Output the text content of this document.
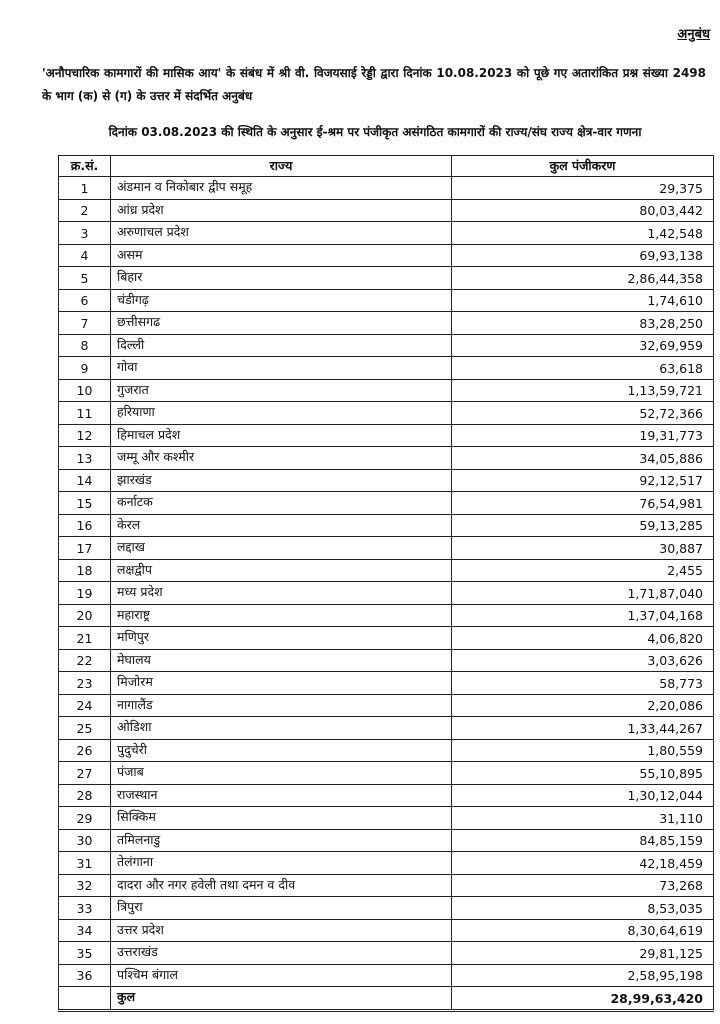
अनुबंध
'अनौपचारिक कामगारों की मासिक आय' के संबंध में श्री वी. विजयसाई रेड्डी द्वारा दिनांक 10.08.2023 को पूछे गए अतारांकित प्रश्न संख्या 2498 के भाग (क) से (ग) के उत्तर में संदर्भित अनुबंध
दिनांक 03.08.2023 की स्थिति के अनुसार ई-श्रम पर पंजीकृत असंगठित कामगारों की राज्य/संघ राज्य क्षेत्र-वार गणना
क्र.सं.	राज्य	कुल पंजीकरण
1	अंडमान व निकोबार द्वीप समूह	29,375
2	आंध्र प्रदेश	80,03,442
3	अरुणाचल प्रदेश	1,42,548
4	असम	69,93,138
5	बिहार	2,86,44,358
6	चंडीगढ़	1,74,610
7	छत्तीसगढ	83,28,250
8	दिल्ली	32,69,959
9	गोवा	63,618
10	गुजरात	1,13,59,721
11	हरियाणा	52,72,366
12	हिमाचल प्रदेश	19,31,773
13	जम्मू और कश्मीर	34,05,886
14	झारखंड	92,12,517
15	कर्नाटक	76,54,981
16	केरल	59,13,285
17	लद्दाख	30,887
18	लक्षद्वीप	2,455
19	मध्य प्रदेश	1,71,87,040
20	महाराष्ट्र	1,37,04,168
21	मणिपुर	4,06,820
22	मेघालय	3,03,626
23	मिजोरम	58,773
24	नागालैंड	2,20,086
25	ओडिशा	1,33,44,267
26	पुदुचेरी	1,80,559
27	पंजाब	55,10,895
28	राजस्थान	1,30,12,044
29	सिक्किम	31,110
30	तमिलनाडु	84,85,159
31	तेलंगाना	42,18,459
32	दादरा और नगर हवेली तथा दमन व दीव	73,268
33	त्रिपुरा	8,53,035
34	उत्तर प्रदेश	8,30,64,619
35	उत्तराखंड	29,81,125
36	पश्चिम बंगाल	2,58,95,198
	कुल	28,99,63,420
